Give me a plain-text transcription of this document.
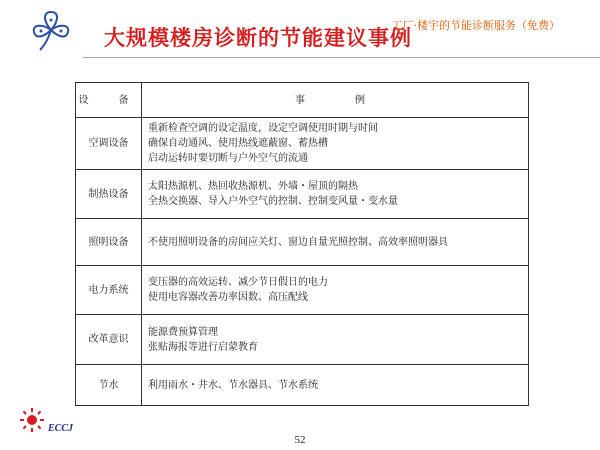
大规模楼房诊断的节能建议事例
工厂·楼宇的节能诊断服务（免费）
设　备	事　　例
空调设备	重新检查空调的设定温度，设定空调使用时期与时间
确保自动通风、使用热线遮蔽窗、蓄热槽
启动运转时要切断与户外空气的流通

制热设备	太阳热源机、热回收热源机、外墙・屋顶的隔热
全热交换器、导入户外空气的控制、控制变风量・变水量

照明设备	不使用照明设备的房间应关灯、窗边自量光照控制、高效率照明器具

电力系统	变压器的高效运转、减少节日假日的电力
使用电容器改善功率因数、高压配线

改革意识	能源费预算管理
张贴海报等进行启蒙教育

节水	利用雨水・井水、节水器具、节水系统
ECCJ
52
